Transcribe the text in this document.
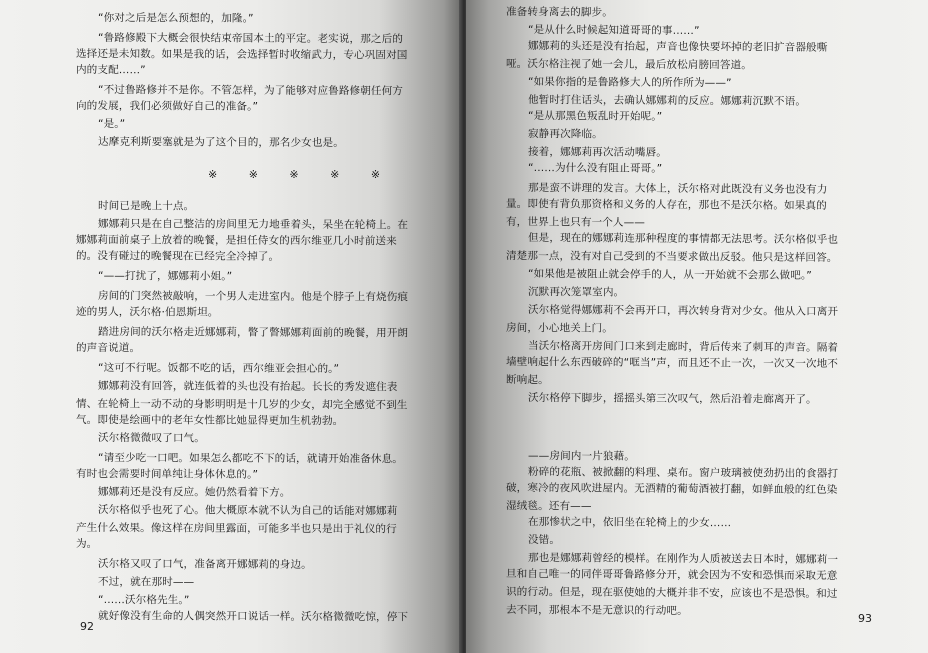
“你对之后是怎么预想的，加隆。”
“鲁路修殿下大概会很快结束帝国本土的平定。老实说，那之后的
选择还是未知数。如果是我的话，会选择暂时收缩武力，专心巩固对国
内的支配……”
“不过鲁路修并不是你。不管怎样，为了能够对应鲁路修朝任何方
向的发展，我们必须做好自己的准备。”
“是。”
达摩克利斯要塞就是为了这个目的，那名少女也是。
时间已是晚上十点。
娜娜莉只是在自己整洁的房间里无力地垂着头，呆坐在轮椅上。在
娜娜莉面前桌子上放着的晚餐，是担任侍女的西尔维亚几小时前送来
的。没有碰过的晚餐现在已经完全冷掉了。
“——打扰了，娜娜莉小姐。”
房间的门突然被敲响，一个男人走进室内。他是个脖子上有烧伤痕
迹的男人，沃尔格·伯恩斯坦。
踏进房间的沃尔格走近娜娜莉，瞥了瞥娜娜莉面前的晚餐，用开朗
的声音说道。
“这可不行呢。饭都不吃的话，西尔维亚会担心的。”
娜娜莉没有回答，就连低着的头也没有抬起。长长的秀发遮住表
情、在轮椅上一动不动的身影明明是十几岁的少女，却完全感觉不到生
气。即使是绘画中的老年女性都比她显得更加生机勃勃。
沃尔格微微叹了口气。
“请至少吃一口吧。如果怎么都吃不下的话，就请开始准备休息。
有时也会需要时间单纯让身体休息的。”
娜娜莉还是没有反应。她仍然看着下方。
沃尔格似乎也死了心。他大概原本就不认为自己的话能对娜娜莉
产生什么效果。像这样在房间里露面，可能多半也只是出于礼仪的行
为。
沃尔格又叹了口气，准备离开娜娜莉的身边。
不过，就在那时——
“……沃尔格先生。”
就好像没有生命的人偶突然开口说话一样。沃尔格微微吃惊，停下
※ ※ ※ ※ ※
92
准备转身离去的脚步。
“是从什么时候起知道哥哥的事……”
娜娜莉的头还是没有抬起，声音也像快要坏掉的老旧扩音器般嘶
哑。沃尔格注视了她一会儿，最后放松肩膀回答道。
“如果你指的是鲁路修大人的所作所为——”
他暂时打住话头，去确认娜娜莉的反应。娜娜莉沉默不语。
“是从那黑色叛乱时开始呢。”
寂静再次降临。
接着，娜娜莉再次活动嘴唇。
“……为什么没有阻止哥哥。”
那是蛮不讲理的发言。大体上，沃尔格对此既没有义务也没有力
量。即使有背负那资格和义务的人存在，那也不是沃尔格。如果真的
有，世界上也只有一个人——
但是，现在的娜娜莉连那种程度的事情都无法思考。沃尔格似乎也
清楚那一点，没有对自己受到的不当要求做出反驳。他只是这样回答。
“如果他是被阻止就会停手的人，从一开始就不会那么做吧。”
沉默再次笼罩室内。
沃尔格觉得娜娜莉不会再开口，再次转身背对少女。他从入口离开
房间，小心地关上门。
当沃尔格离开房间门口来到走廊时，背后传来了刺耳的声音。隔着
墙壁响起什么东西破碎的“哐当”声，而且还不止一次，一次又一次地不
断响起。
沃尔格停下脚步，摇摇头第三次叹气，然后沿着走廊离开了。
——房间内一片狼藉。
粉碎的花瓶、被掀翻的料理、桌布。窗户玻璃被使劲扔出的食器打
破，寒冷的夜风吹进屋内。无酒精的葡萄酒被打翻，如鲜血般的红色染
湿绒毯。还有——
在那惨状之中，依旧坐在轮椅上的少女……
没错。
那也是娜娜莉曾经的模样。在刚作为人质被送去日本时，娜娜莉一
旦和自己唯一的同伴哥哥鲁路修分开，就会因为不安和恐惧而采取无意
识的行动。但是，现在驱使她的大概并非不安，应该也不是恐惧。和过
去不同，那根本不是无意识的行动吧。
93
